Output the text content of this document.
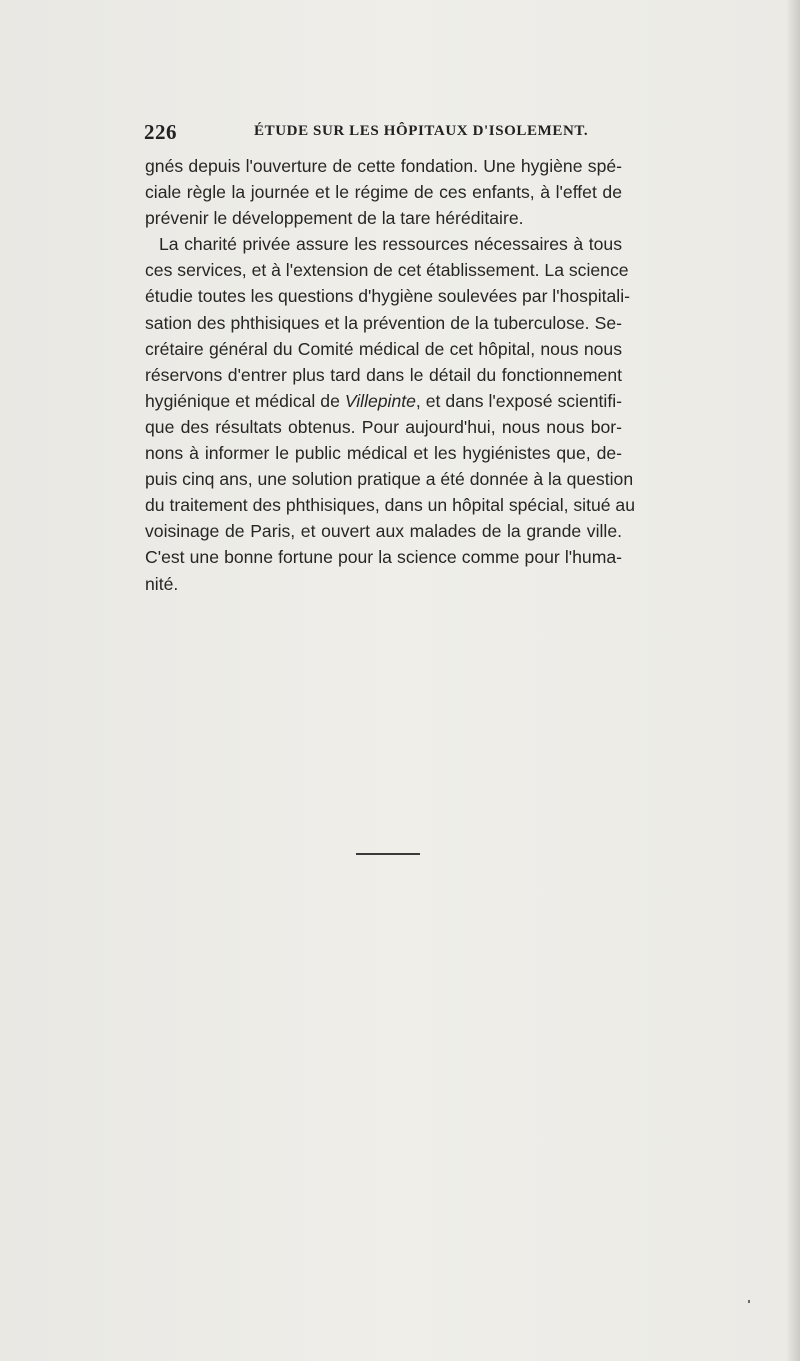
226	ÉTUDE SUR LES HÔPITAUX D'ISOLEMENT.
gnés depuis l'ouverture de cette fondation. Une hygiène spé-
ciale règle la journée et le régime de ces enfants, à l'effet de
prévenir le développement de la tare héréditaire.
La charité privée assure les ressources nécessaires à tous
ces services, et à l'extension de cet établissement. La science
étudie toutes les questions d'hygiène soulevées par l'hospitali-
sation des phthisiques et la prévention de la tuberculose. Se-
crétaire général du Comité médical de cet hôpital, nous nous
réservons d'entrer plus tard dans le détail du fonctionnement
hygiénique et médical de Villepinte, et dans l'exposé scientifi-
que des résultats obtenus. Pour aujourd'hui, nous nous bor-
nons à informer le public médical et les hygiénistes que, de-
puis cinq ans, une solution pratique a été donnée à la question
du traitement des phthisiques, dans un hôpital spécial, situé au
voisinage de Paris, et ouvert aux malades de la grande ville.
C'est une bonne fortune pour la science comme pour l'huma-
nité.
